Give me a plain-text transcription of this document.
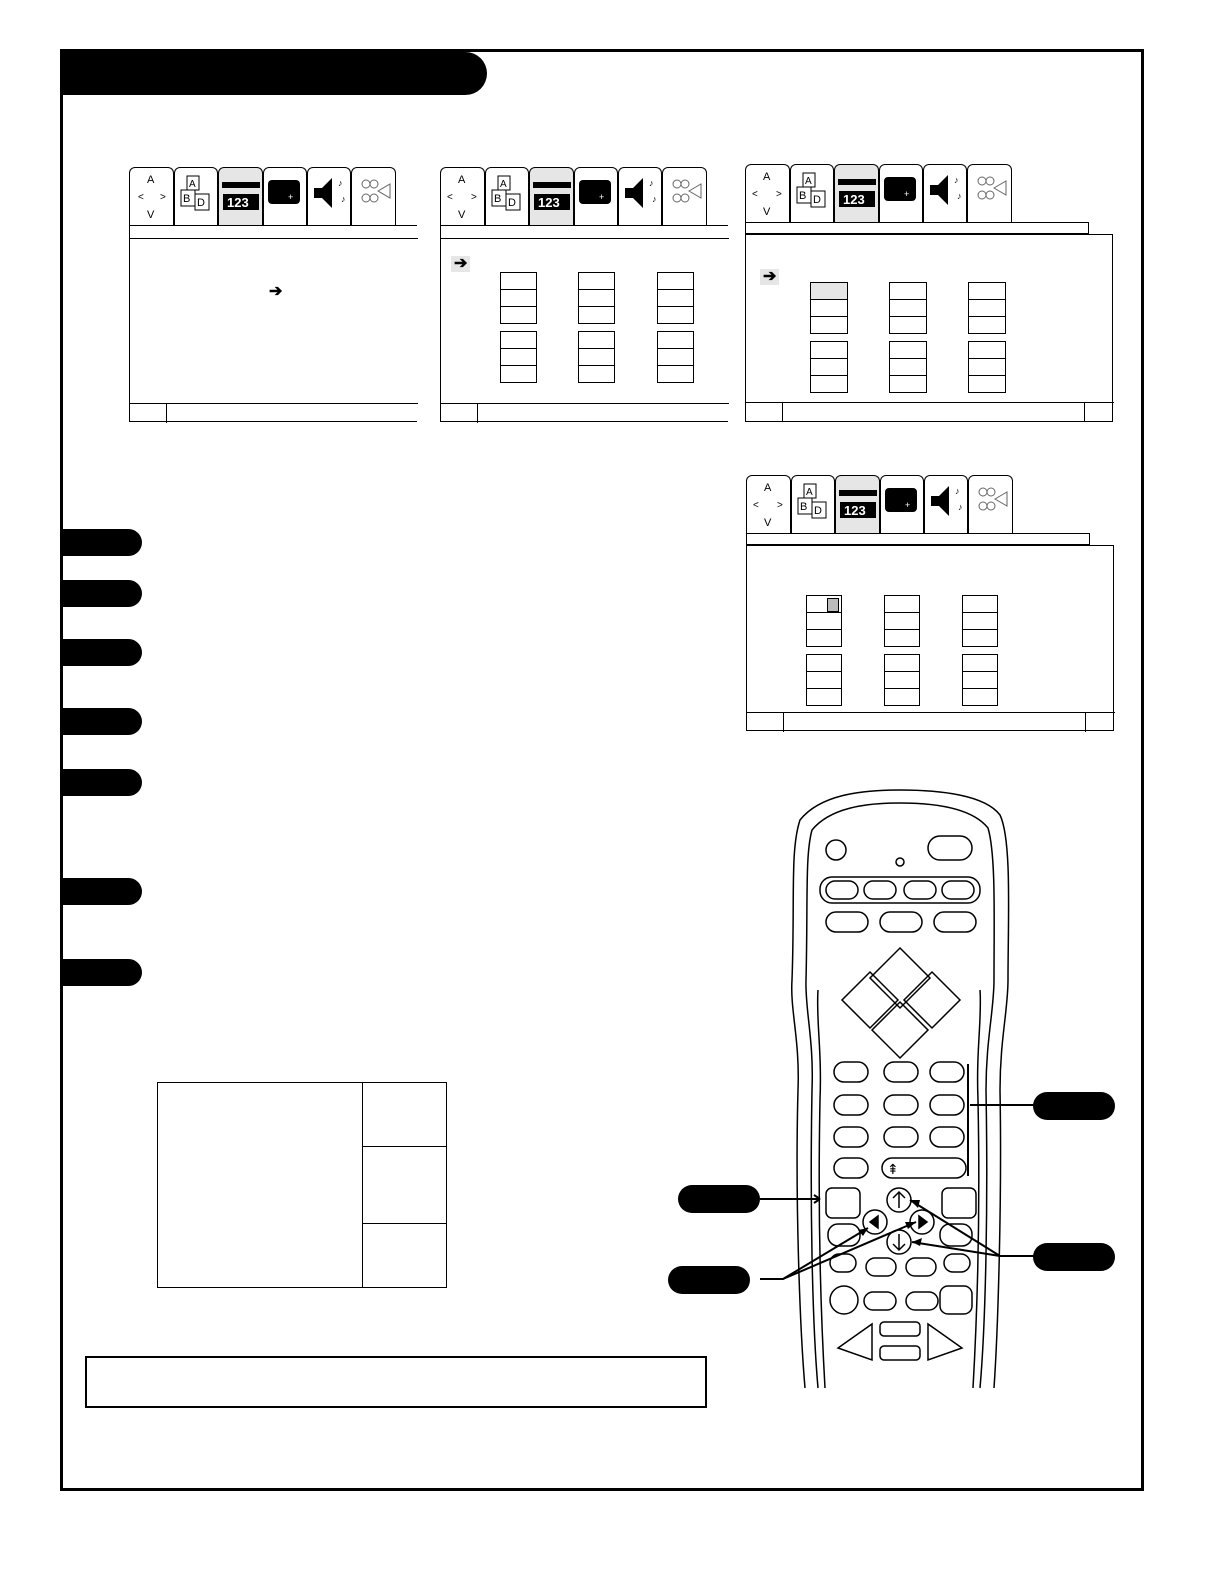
A
< >
V
A
B D 123	+
♪
♪
➔
A
< >
V
A
B D 123	+
♪
♪
➔
A
< >
V
A
B D 123	+
♪
♪
➔
A
< >
V
A
B D 123	+
♪
♪
⇞
